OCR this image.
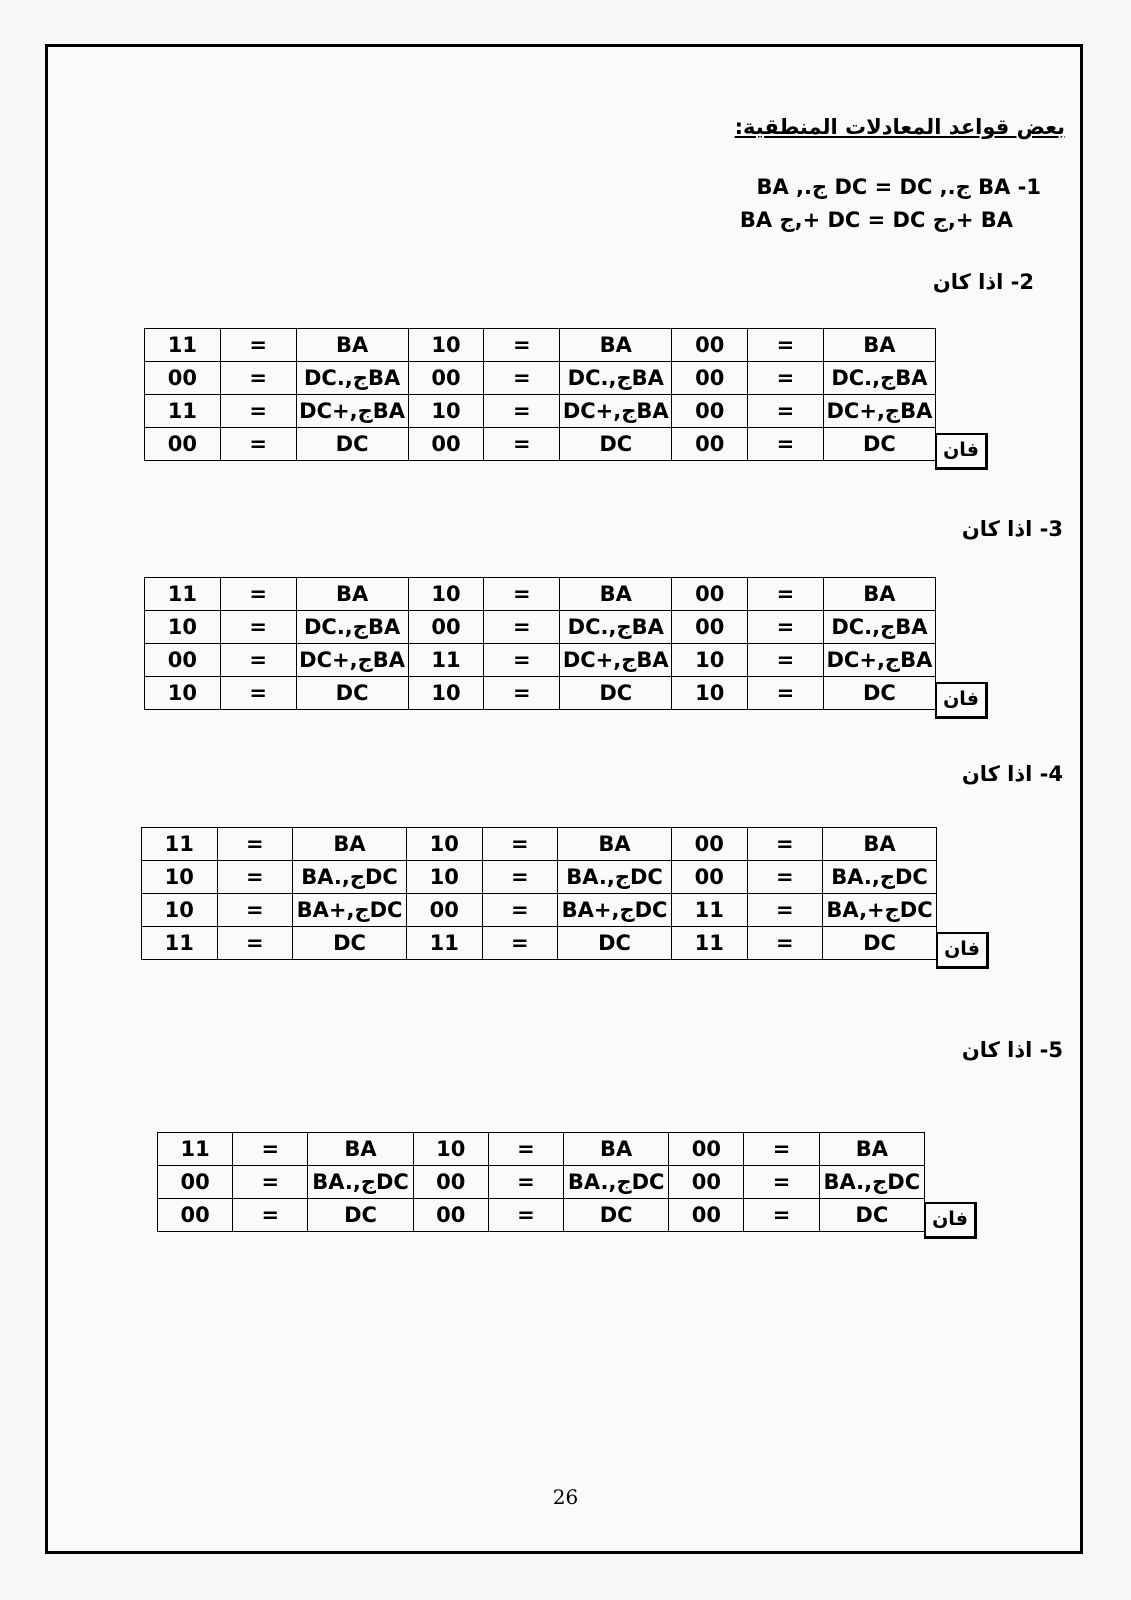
بعض قواعد المعادلات المنطقية:
1- BA ج., DC = DC ج., BA
BA +,ج DC = DC +,ج BA
2- اذا كان
11	=	BA	10	=	BA	00	=	BA
00	=	DC.,جBA	00	=	DC.,جBA	00	=	DC.,جBA
11	=	DC+,جBA	10	=	DC+,جBA	00	=	DC+,جBA
00	=	DC	00	=	DC	00	=	DC	فان
3- اذا كان
11	=	BA	10	=	BA	00	=	BA
10	=	DC.,جBA	00	=	DC.,جBA	00	=	DC.,جBA
00	=	DC+,جBA	11	=	DC+,جBA	10	=	DC+,جBA
10	=	DC	10	=	DC	10	=	DC	فان
4- اذا كان
11	=	BA	10	=	BA	00	=	BA
10	=	BA.,جDC	10	=	BA.,جDC	00	=	BA.,جDC
10	=	BA+,جDC	00	=	BA+,جDC	11	=	BA,+جDC
11	=	DC	11	=	DC	11	=	DC	فان
5- اذا كان
11	=	BA	10	=	BA	00	=	BA
00	=	BA.,جDC	00	=	BA.,جDC	00	=	BA.,جDC
00	=	DC	00	=	DC	00	=	DC	فان
26
